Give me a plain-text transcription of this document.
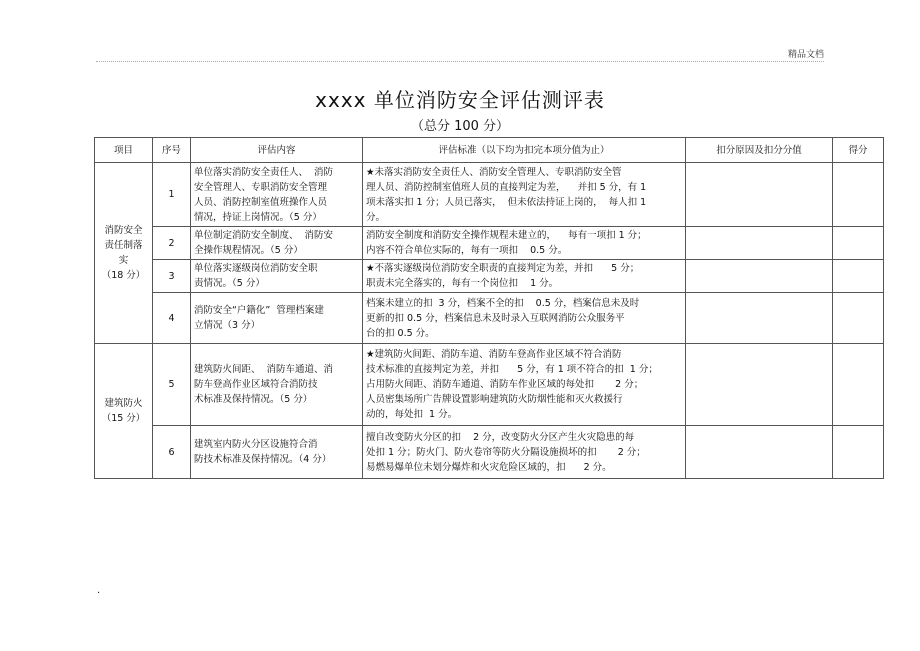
精品文档
xxxx 单位消防安全评估测评表
（总分 100 分）
项目	序号	评估内容	评估标准（以下均为扣完本项分值为止）	扣分原因及扣分分值	得分
消防安全
责任制落
实
（18 分）	1	单位落实消防安全责任人、  消防
安全管理人、专职消防安全管理
人员、消防控制室值班操作人员
情况，持证上岗情况。（5 分）	★未落实消防安全责任人、消防安全管理人、专职消防安全管
理人员、消防控制室值班人员的直接判定为差，    并扣 5 分，有 1
项未落实扣 1 分；人员已落实，  但未依法持证上岗的，  每人扣 1
分。		
	2	单位制定消防安全制度、  消防安
全操作规程情况。（5 分）	消防安全制度和消防安全操作规程未建立的，    每有一项扣 1 分；
内容不符合单位实际的，每有一项扣    0.5 分。		
	3	单位落实逐级岗位消防安全职
责情况。（5 分）	★不落实逐级岗位消防安全职责的直接判定为差，并扣      5 分；
职责未完全落实的，每有一个岗位扣    1 分。		
	4	消防安全“户籍化”  管理档案建
立情况（3 分）	档案未建立的扣  3 分，档案不全的扣    0.5 分，档案信息未及时
更新的扣 0.5 分，档案信息未及时录入互联网消防公众服务平
台的扣 0.5 分。		
建筑防火
（15 分）	5	建筑防火间距、  消防车通道、消
防车登高作业区域符合消防技
术标准及保持情况。（5 分）	★建筑防火间距、消防车道、消防车登高作业区域不符合消防
技术标准的直接判定为差，并扣      5 分，有 1 项不符合的扣  1 分；
占用防火间距、消防车通道、消防车作业区域的每处扣       2 分；
人员密集场所广告牌设置影响建筑防火防烟性能和灭火救援行
动的，每处扣  1 分。		
	6	建筑室内防火分区设施符合消
防技术标准及保持情况。（4 分）	擅自改变防火分区的扣    2 分，改变防火分区产生火灾隐患的每
处扣 1 分；防火门、防火卷帘等防火分隔设施损坏的扣       2 分；
易燃易爆单位未划分爆炸和火灾危险区域的，扣      2 分。		
.
